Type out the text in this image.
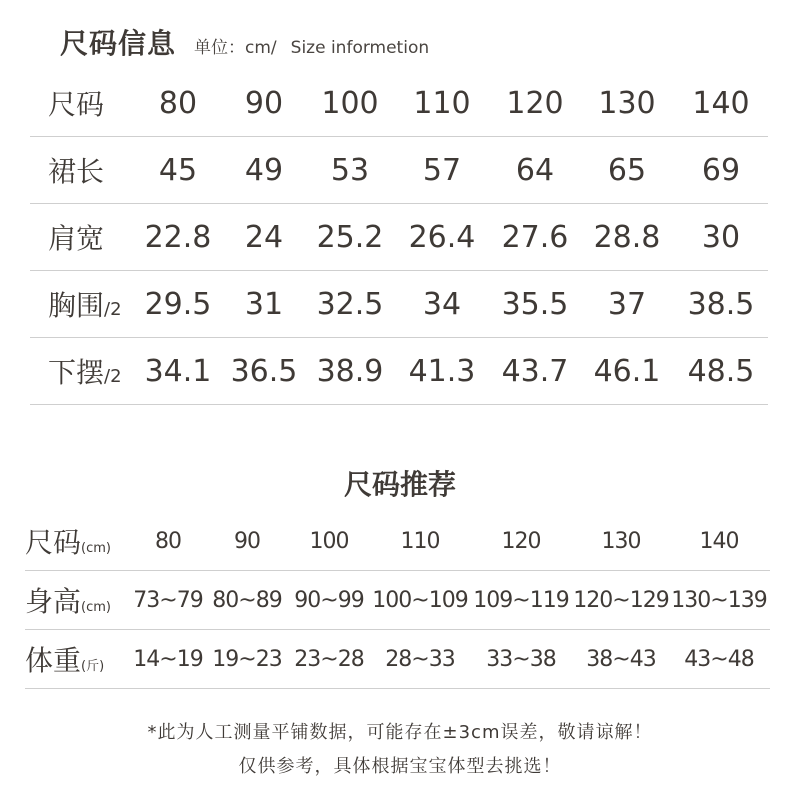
尺码信息 单位：cm/ Size informetion
尺码	80	90	100	110	120	130	140
裙长	45	49	53	57	64	65	69
肩宽	22.8	24	25.2 26.4 27.6 28.8	30
胸围/2 29.5	31	32.5	34	35.5	37	38.5
下摆/2 34.1 36.5 38.9 41.3 43.7 46.1 48.5
尺码推荐
尺码(cm)	80	90	100	110	120	130	140
身高(cm)	73~79 80~89 90~99 100~109 109~119 120~129 130~139
体重(斤)	14~19 19~23 23~28 28~33	33~38	38~43	43~48
*此为人工测量平铺数据，可能存在±3cm误差，敬请谅解！
仅供参考，具体根据宝宝体型去挑选！
